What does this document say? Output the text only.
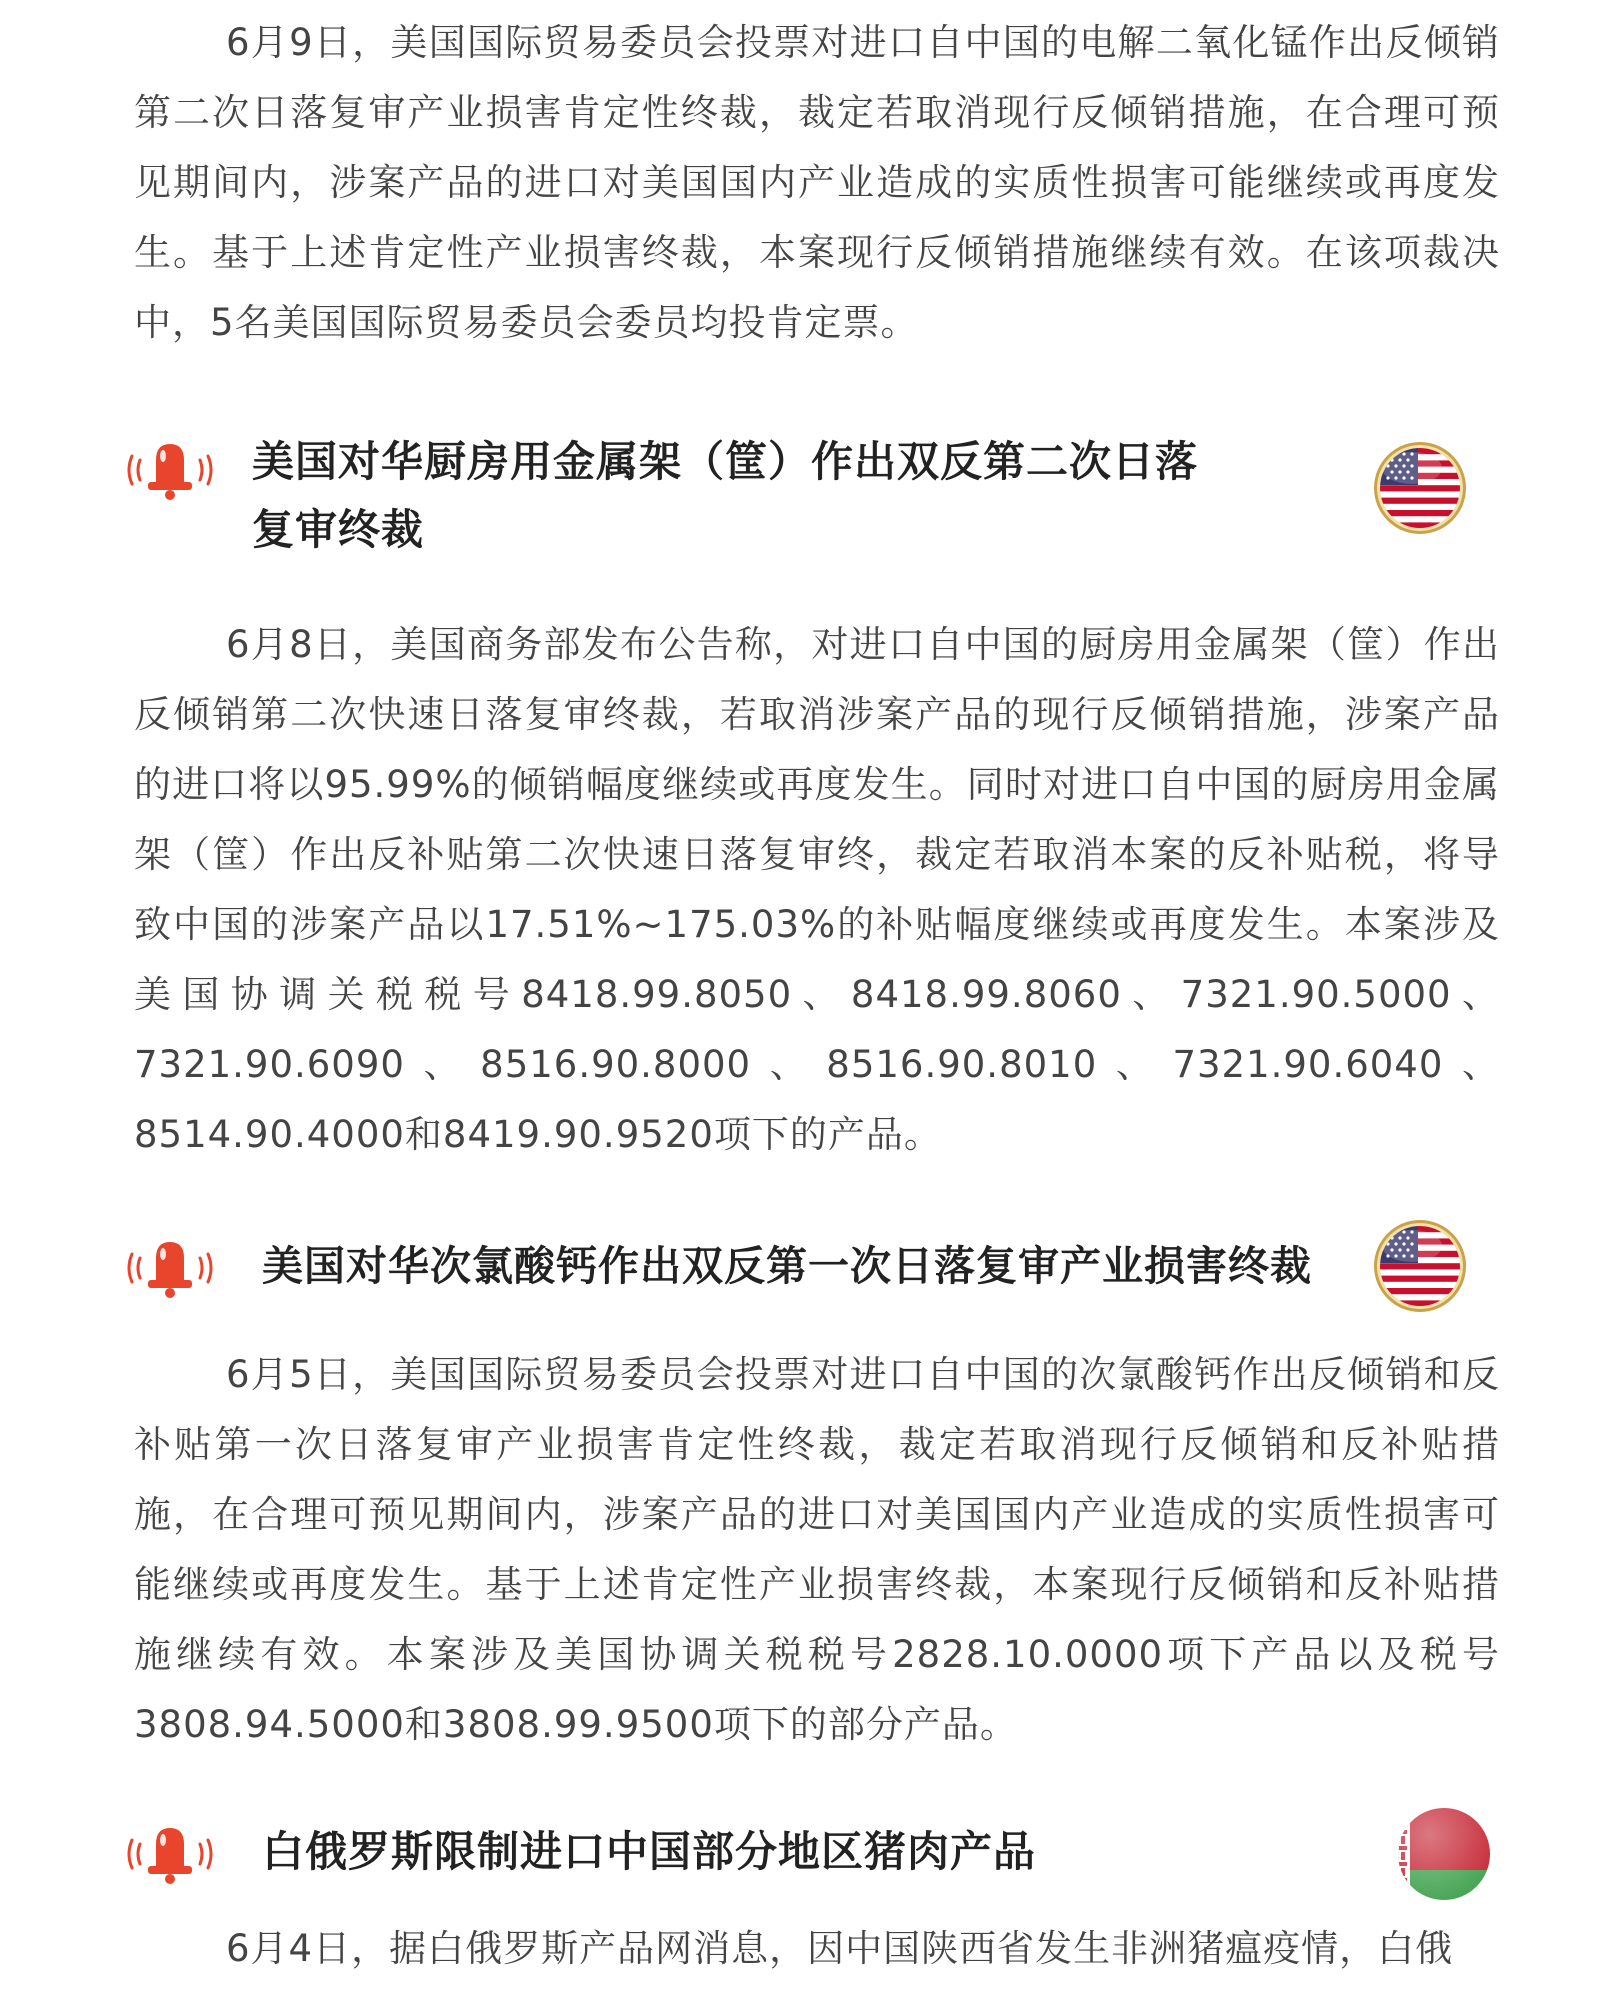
6月9日，美国国际贸易委员会投票对进口自中国的电解二氧化锰作出反倾销第二次日落复审产业损害肯定性终裁，裁定若取消现行反倾销措施，在合理可预见期间内，涉案产品的进口对美国国内产业造成的实质性损害可能继续或再度发生。基于上述肯定性产业损害终裁，本案现行反倾销措施继续有效。在该项裁决中，5名美国国际贸易委员会委员均投肯定票。

美国对华厨房用金属架（筐）作出双反第二次日落
复审终裁

6月8日，美国商务部发布公告称，对进口自中国的厨房用金属架（筐）作出反倾销第二次快速日落复审终裁，若取消涉案产品的现行反倾销措施，涉案产品的进口将以95.99%的倾销幅度继续或再度发生。同时对进口自中国的厨房用金属架（筐）作出反补贴第二次快速日落复审终，裁定若取消本案的反补贴税，将导致中国的涉案产品以17.51%~175.03%的补贴幅度继续或再度发生。本案涉及美国协调关税税号8418.99.8050、8418.99.8060、7321.90.5000、7321.90.6090、8516.90.8000、8516.90.8010、7321.90.6040、8514.90.4000和8419.90.9520项下的产品。

美国对华次氯酸钙作出双反第一次日落复审产业损害终裁

6月5日，美国国际贸易委员会投票对进口自中国的次氯酸钙作出反倾销和反补贴第一次日落复审产业损害肯定性终裁，裁定若取消现行反倾销和反补贴措施，在合理可预见期间内，涉案产品的进口对美国国内产业造成的实质性损害可能继续或再度发生。基于上述肯定性产业损害终裁，本案现行反倾销和反补贴措施继续有效。本案涉及美国协调关税税号2828.10.0000项下产品以及税号3808.94.5000和3808.99.9500项下的部分产品。

白俄罗斯限制进口中国部分地区猪肉产品

6月4日，据白俄罗斯产品网消息，因中国陕西省发生非洲猪瘟疫情，白俄
